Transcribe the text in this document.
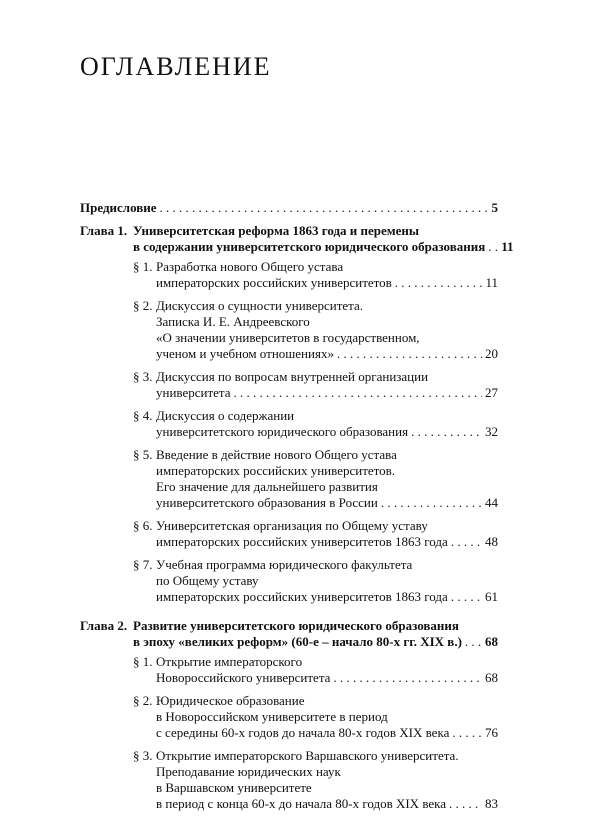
ОГЛАВЛЕНИЕ
Предисловие . . .	5
Глава 1. Университетская реформа 1863 года и перемены
в содержании университетского юридического образования . . . 11
§ 1. Разработка нового Общего устава
императорских российских университетов . . .	11
§ 2. Дискуссия о сущности университета.
Записка И. Е. Андреевского
«О значении университетов в государственном,
ученом и учебном отношениях» . . .	20
§ 3. Дискуссия по вопросам внутренней организации
университета . . .	27
§ 4. Дискуссия о содержании
университетского юридического образования . . .	32
§ 5. Введение в действие нового Общего устава
императорских российских университетов.
Его значение для дальнейшего развития
университетского образования в России . . .	44
§ 6. Университетская организация по Общему уставу
императорских российских университетов 1863 года . . .	48
§ 7. Учебная программа юридического факультета
по Общему уставу
императорских российских университетов 1863 года . . .	61
Глава 2. Развитие университетского юридического образования
в эпоху «великих реформ» (60-е – начало 80-х гг. XIX в.) . . . 68
§ 1. Открытие императорского
Новороссийского университета . . .	68
§ 2. Юридическое образование
в Новороссийском университете в период
с середины 60-х годов до начала 80-х годов XIX века . . .	76
§ 3. Открытие императорского Варшавского университета.
Преподавание юридических наук
в Варшавском университете
в период с конца 60-х до начала 80-х годов XIX века . . .	83
